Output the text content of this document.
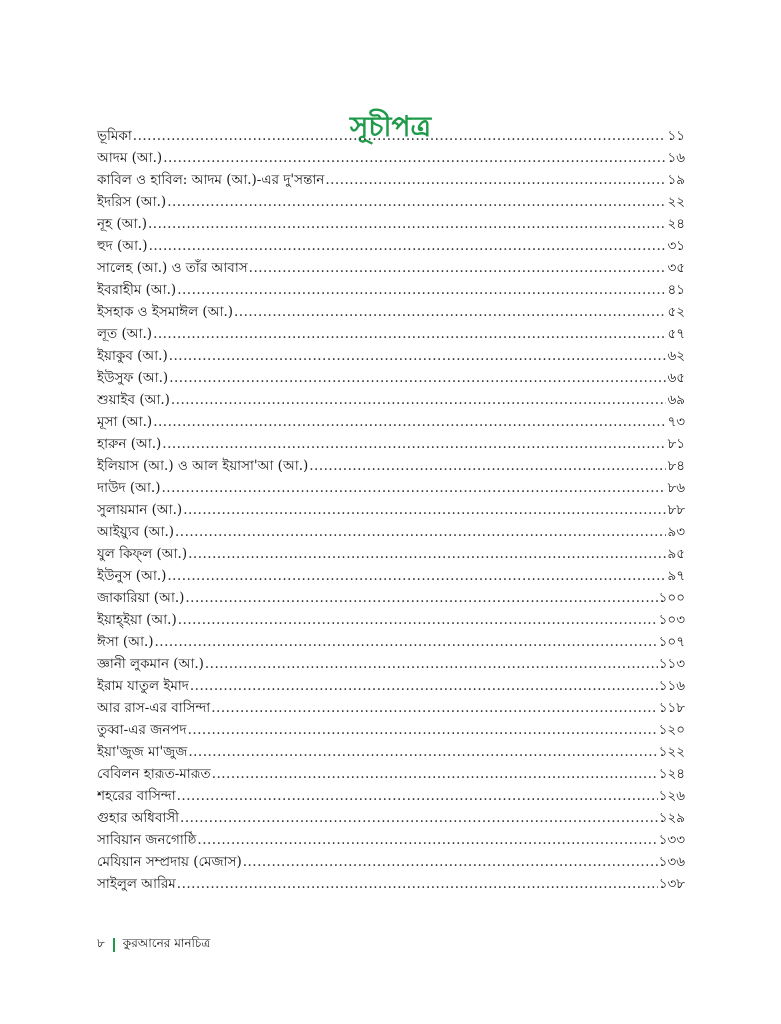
সূচীপত্র
ভূমিকা .....	১১
আদম (আ.) .....	১৬
কাবিল ও হাবিল: আদম (আ.)-এর দু'সন্তান .....	১৯
ইদরিস (আ.) .....	২২
নূহ (আ.) .....	২৪
হুদ (আ.) .....	৩১
সালেহ (আ.) ও তাঁর আবাস .....	৩৫
ইবরাহীম (আ.) .....	৪১
ইসহাক ও ইসমাঈল (আ.) .....	৫২
লূত (আ.) .....	৫৭
ইয়াকুব (আ.) .....	৬২
ইউসুফ (আ.) .....	৬৫
শুয়াইব (আ.) .....	৬৯
মূসা (আ.) .....	৭৩
হারুন (আ.) .....	৮১
ইলিয়াস (আ.) ও আল ইয়াসা'আ (আ.) .....	৮৪
দাউদ (আ.) .....	৮৬
সুলায়মান (আ.) .....	৮৮
আইয়্যুব (আ.) .....	৯৩
যুল কিফ্‌ল (আ.) .....	৯৫
ইউনুস (আ.) .....	৯৭
জাকারিয়া (আ.) .....	১০০
ইয়াহ্‌ইয়া (আ.) .....	১০৩
ঈসা (আ.) .....	১০৭
জ্ঞানী লুকমান (আ.) .....	১১৩
ইরাম যাতুল ইমাদ .....	১১৬
আর রাস-এর বাসিন্দা .....	১১৮
তুব্বা-এর জনপদ .....	১২০
ইয়া'জুজ মা'জুজ .....	১২২
বেবিলন হারূত-মারূত .....	১২৪
শহরের বাসিন্দা .....	১২৬
গুহার অধিবাসী .....	১২৯
সাবিয়ান জনগোষ্ঠি .....	১৩৩
মেযিয়ান সম্প্রদায় (মেজাস) .....	১৩৬
সাইলুল আরিম .....	১৩৮
৮ কুরআনের মানচিত্র
